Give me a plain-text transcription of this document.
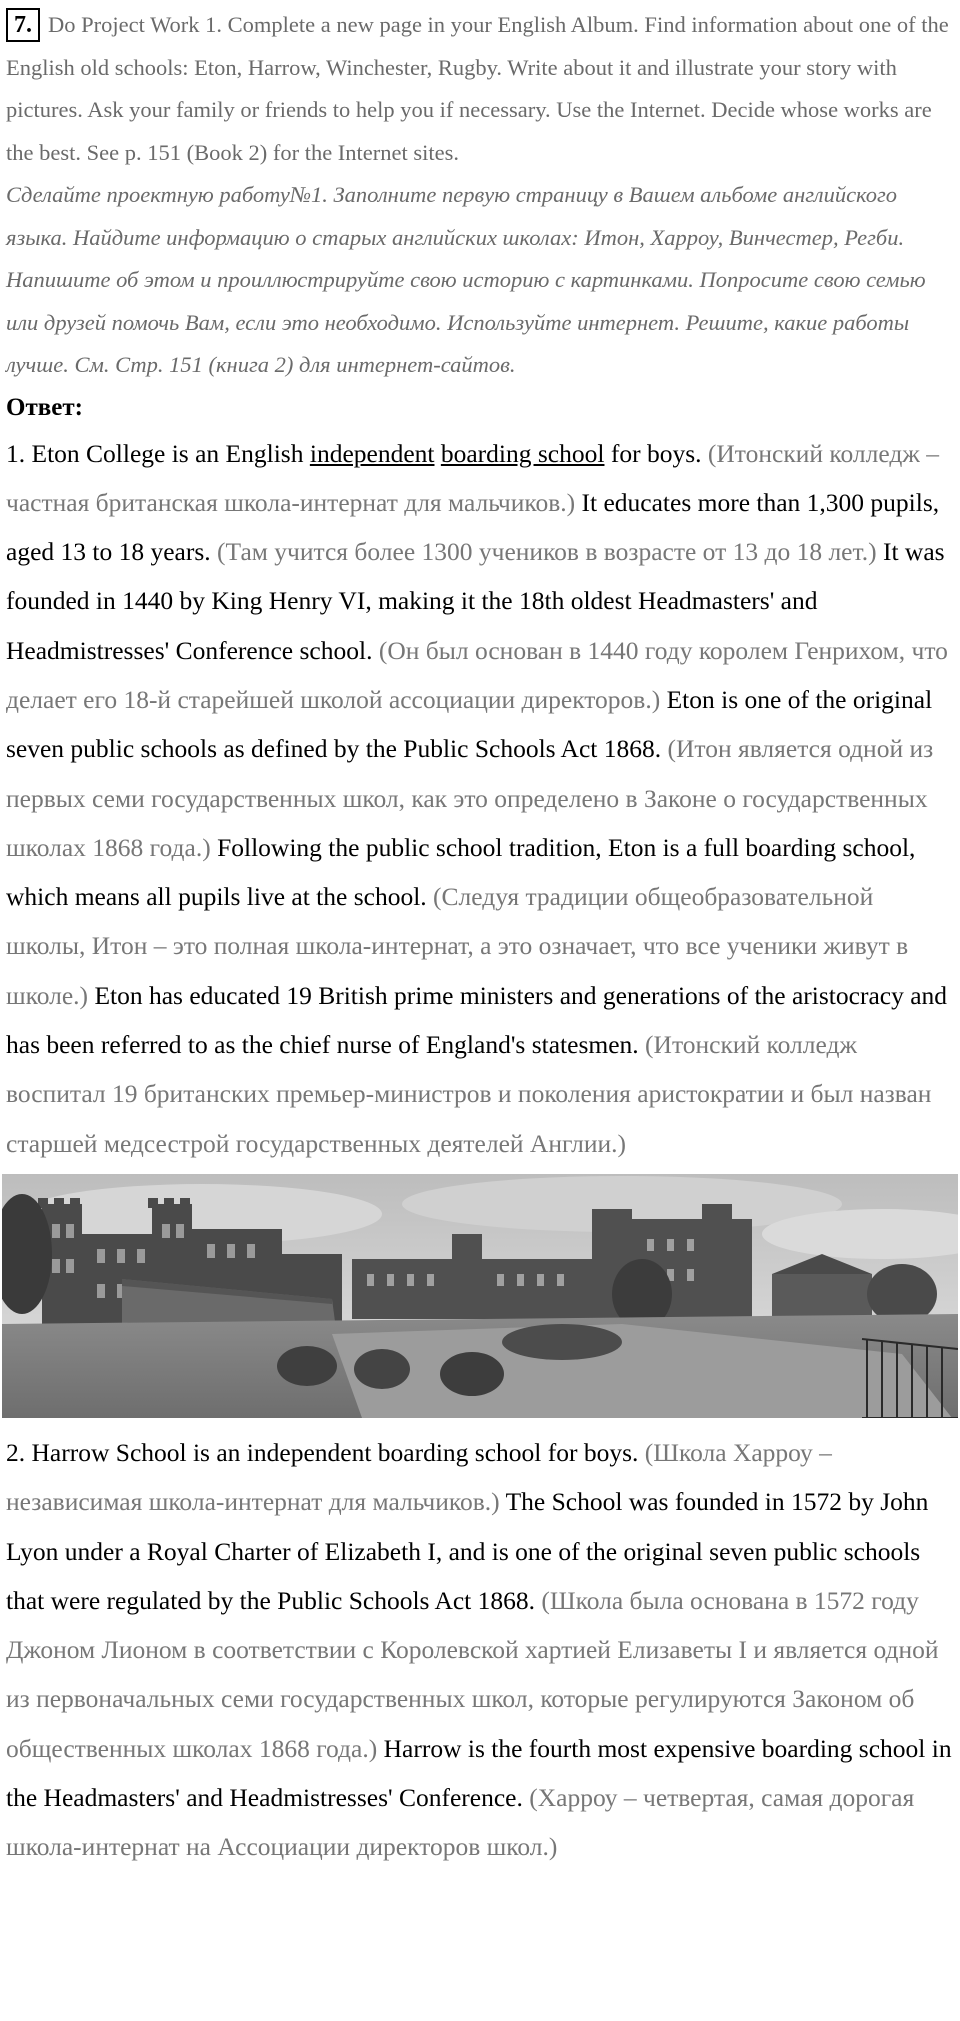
7. Do Project Work 1. Complete a new page in your English Album. Find information about one of the English old schools: Eton, Harrow, Winchester, Rugby. Write about it and illustrate your story with pictures. Ask your family or friends to help you if necessary. Use the Internet. Decide whose works are the best. See p. 151 (Book 2) for the Internet sites.
Сделайте проектную работу№1. Заполните первую страницу в Вашем альбоме английского языка. Найдите информацию о старых английских школах: Итон, Харроу, Винчестер, Регби. Напишите об этом и проиллюстрируйте свою историю с картинками. Попросите свою семью или друзей помочь Вам, если это необходимо. Используйте интернет. Решите, какие работы лучше. См. Стр. 151 (книга 2) для интернет-сайтов.
Ответ:

1. Eton College is an English independent boarding school for boys. (Итонский колледж – частная британская школа-интернат для мальчиков.) It educates more than 1,300 pupils, aged 13 to 18 years. (Там учится более 1300 учеников в возрасте от 13 до 18 лет.) It was founded in 1440 by King Henry VI, making it the 18th oldest Headmasters' and Headmistresses' Conference school. (Он был основан в 1440 году королем Генрихом, что делает его 18-й старейшей школой ассоциации директоров.) Eton is one of the original seven public schools as defined by the Public Schools Act 1868. (Итон является одной из первых семи государственных школ, как это определено в Законе о государственных школах 1868 года.) Following the public school tradition, Eton is a full boarding school, which means all pupils live at the school. (Следуя традиции общеобразовательной школы, Итон – это полная школа-интернат, а это означает, что все ученики живут в школе.) Eton has educated 19 British prime ministers and generations of the aristocracy and has been referred to as the chief nurse of England's statesmen. (Итонский колледж воспитал 19 британских премьер-министров и поколения аристократии и был назван старшей медсестрой государственных деятелей Англии.)

2. Harrow School is an independent boarding school for boys. (Школа Харроу – независимая школа-интернат для мальчиков.) The School was founded in 1572 by John Lyon under a Royal Charter of Elizabeth I, and is one of the original seven public schools that were regulated by the Public Schools Act 1868. (Школа была основана в 1572 году Джоном Лионом в соответствии с Королевской хартией Елизаветы I и является одной из первоначальных семи государственных школ, которые регулируются Законом об общественных школах 1868 года.) Harrow is the fourth most expensive boarding school in the Headmasters' and Headmistresses' Conference. (Харроу – четвертая, самая дорогая школа-интернат на Ассоциации директоров школ.)
